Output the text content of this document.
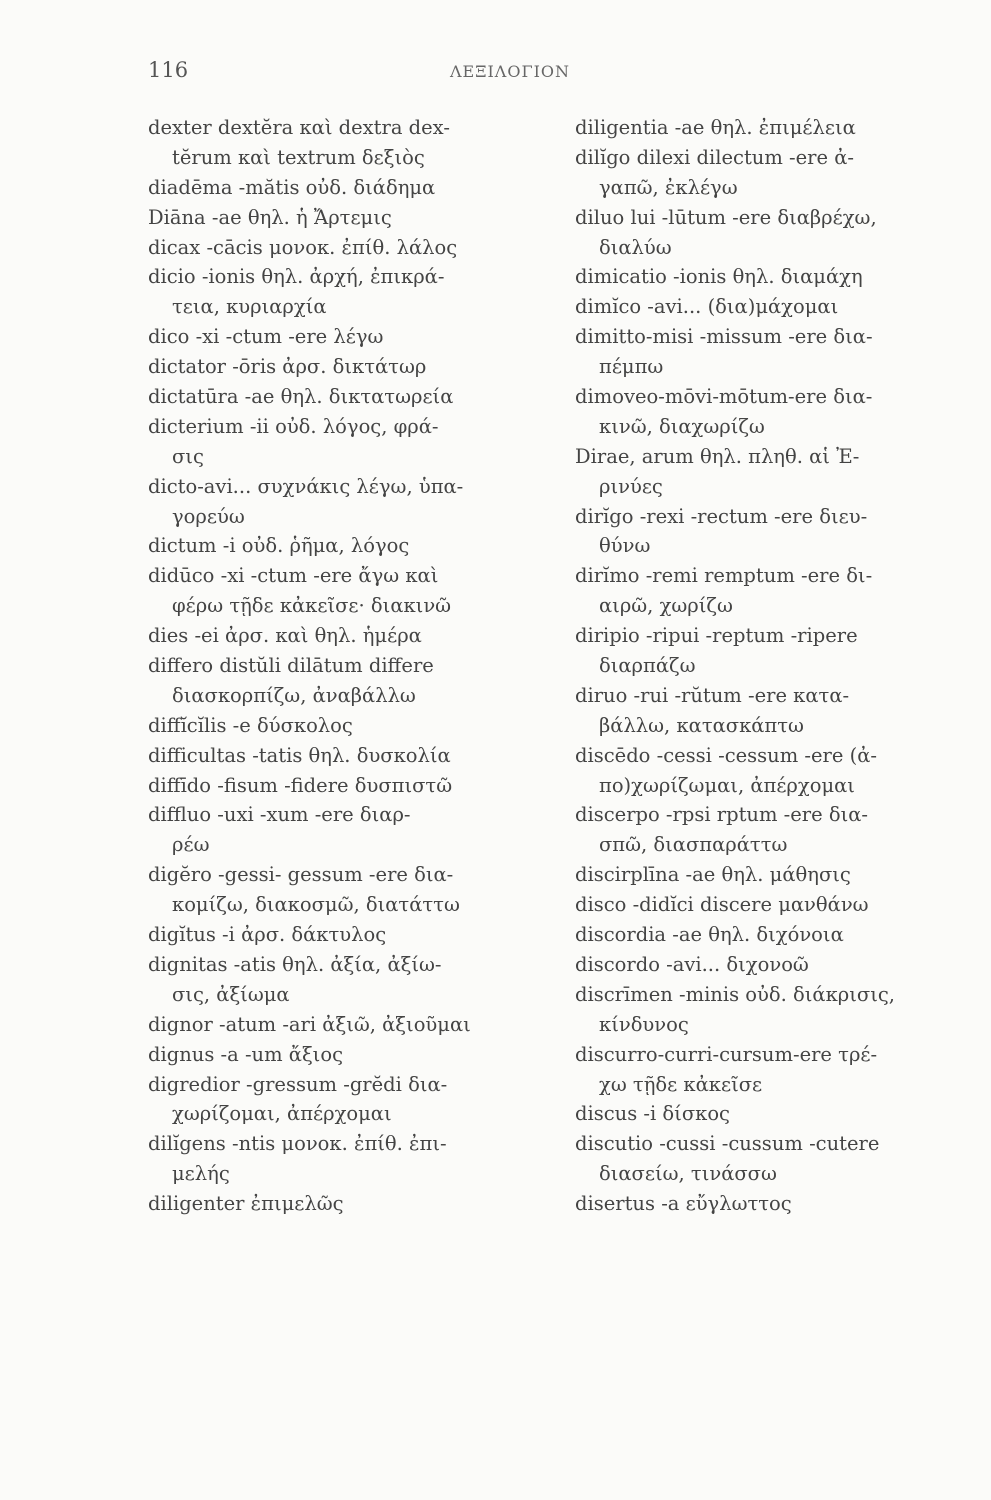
116	ΛΕΞΙΛΟΓΙΟΝ
dexter dextĕra καὶ dextra dex-
tĕrum καὶ textrum δεξιὸς
diadēma -mătis οὐδ. διάδημα
Diāna -ae θηλ. ἡ Ἄρτεμις
dicax -cācis μονοκ. ἐπίθ. λάλος
dicio -ionis θηλ. ἀρχή, ἐπικρά-
τεια, κυριαρχία
dico -xi -ctum -ere λέγω
dictator -ōris ἀρσ. δικτάτωρ
dictatūra -ae θηλ. δικτατωρεία
dicterium -ii οὐδ. λόγος, φρά-
σις
dicto-avi... συχνάκις λέγω, ὑπα-
γορεύω
dictum -i οὐδ. ῥῆμα, λόγος
didūco -xi -ctum -ere ἄγω καὶ
φέρω τῇδε κἀκεῖσε· διακινῶ
dies -ei ἀρσ. καὶ θηλ. ἡμέρα
differo distŭli dilātum differe
διασκορπίζω, ἀναβάλλω
diffĭcĭlis -e δύσκολος
difficultas -tatis θηλ. δυσκολία
diffīdo -fisum -fidere δυσπιστῶ
diffluo -uxi -xum -ere διαρ-
ρέω
digĕro -gessi- gessum -ere δια-
κομίζω, διακοσμῶ, διατάττω
digĭtus -i ἀρσ. δάκτυλος
dignitas -atis θηλ. ἀξία, ἀξίω-
σις, ἀξίωμα
dignor -atum -ari ἀξιῶ, ἀξιοῦμαι
dignus -a -um ἄξιος
digredior -gressum -grĕdi δια-
χωρίζομαι, ἀπέρχομαι
dilĭgens -ntis μονοκ. ἐπίθ. ἐπι-
μελής
diligenter ἐπιμελῶς
diligentia -ae θηλ. ἐπιμέλεια
dilĭgo dilexi dilectum -ere ἀ-
γαπῶ, ἐκλέγω
diluo lui -lūtum -ere διαβρέχω,
διαλύω
dimicatio -ionis θηλ. διαμάχη
dimĭco -avi... (δια)μάχομαι
dimitto-misi -missum -ere δια-
πέμπω
dimoveo-mōvi-mōtum-ere δια-
κινῶ, διαχωρίζω
Dirae, arum θηλ. πληθ. αἱ Ἐ-
ρινύες
dirĭgo -rexi -rectum -ere διευ-
θύνω
dirĭmo -remi remptum -ere δι-
αιρῶ, χωρίζω
diripio -ripui -reptum -ripere
διαρπάζω
diruo -rui -rŭtum -ere κατα-
βάλλω, κατασκάπτω
discēdo -cessi -cessum -ere (ἀ-
πο)χωρίζωμαι, ἀπέρχομαι
discerpo -rpsi rptum -ere δια-
σπῶ, διασπαράττω
discirplīna -ae θηλ. μάθησις
disco -didĭci discere μανθάνω
discordia -ae θηλ. διχόνοια
discordo -avi... διχονοῶ
discrīmen -minis οὐδ. διάκρισις,
κίνδυνος
discurro-curri-cursum-ere τρέ-
χω τῇδε κἀκεῖσε
discus -i δίσκος
discutio -cussi -cussum -cutere
διασείω, τινάσσω
disertus -a εὔγλωττος
